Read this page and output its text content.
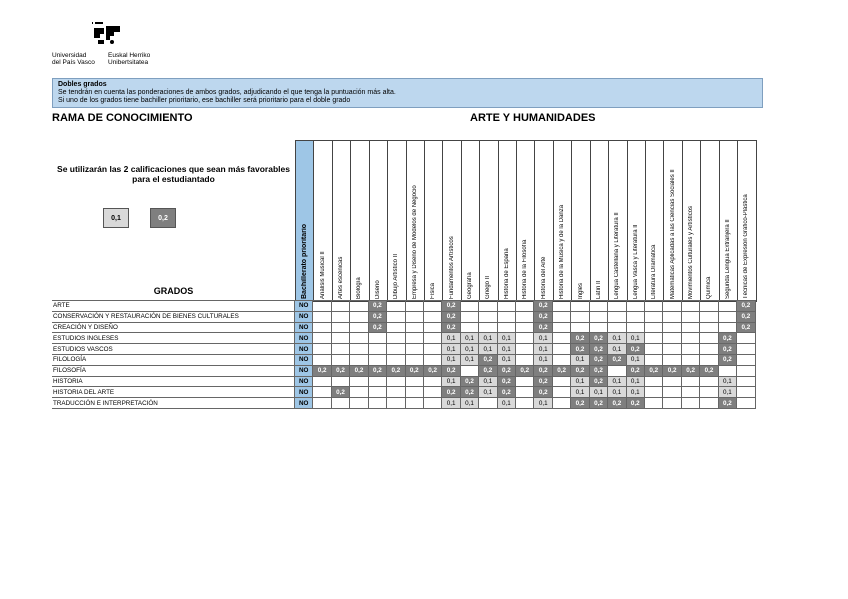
Universidad
del País Vasco
Euskal Herriko
Unibertsitatea
Dobles grados
Se tendrán en cuenta las ponderaciones de ambos grados, adjudicando el que tenga la puntuación más alta.
Si uno de los grados tiene bachiller prioritario, ese bachiller será prioritario para el doble grado
RAMA DE CONOCIMIENTO	ARTE Y HUMANIDADES
Se utilizarán las 2 calificaciones que sean más favorables para el estudiantado
0,1	0,2
GRADOS	Bachillerato prioritario	Análisis Musical II	Artes escénicas	Biología	Diseño	Dibujo Artístico II	Empresa y Diseño de Modelos de Negocio	Física	Fundamentos Artísticos	Geografía	Griego II	Historia de España	Historia de la Filosofía	Historia del Arte	Historia de la Música y de la Danza	Inglés	Latín II	Lengua Castellana y Literatura II	Lengua Vasca y Literatura II	Literatura Dramática	Matemáticas Aplicadas a las Ciencias Sociales II	Movimientos Culturales y Artísticos	Química	Segunda Lengua Extranjera II	Técnicas de Expresión Gráfico-Plástica
ARTE	NO				0,2				0,2					0,2											0,2
CONSERVACIÓN Y RESTAURACIÓN DE BIENES CULTURALES	NO				0,2				0,2					0,2											0,2
CREACIÓN Y DISEÑO	NO				0,2				0,2					0,2											0,2
ESTUDIOS INGLESES	NO								0,1	0,1	0,1	0,1		0,1		0,2	0,2	0,1	0,1					0,2	
ESTUDIOS VASCOS	NO								0,1	0,1	0,1	0,1		0,1		0,2	0,2	0,1	0,2					0,2	
FILOLOGÍA	NO								0,1	0,1	0,2	0,1		0,1		0,1	0,2	0,2	0,1					0,2	
FILOSOFÍA	NO	0,2	0,2	0,2	0,2	0,2	0,2	0,2	0,2		0,2	0,2	0,2	0,2	0,2	0,2	0,2		0,2	0,2	0,2	0,2	0,2		
HISTORIA	NO								0,1	0,2	0,1	0,2		0,2		0,1	0,2	0,1	0,1					0,1	
HISTORIA DEL ARTE	NO		0,2						0,2	0,2	0,1	0,2		0,2		0,1	0,1	0,1	0,1					0,1	
TRADUCCIÓN E INTERPRETACIÓN	NO								0,1	0,1		0,1		0,1		0,2	0,2	0,2	0,2					0,2	
